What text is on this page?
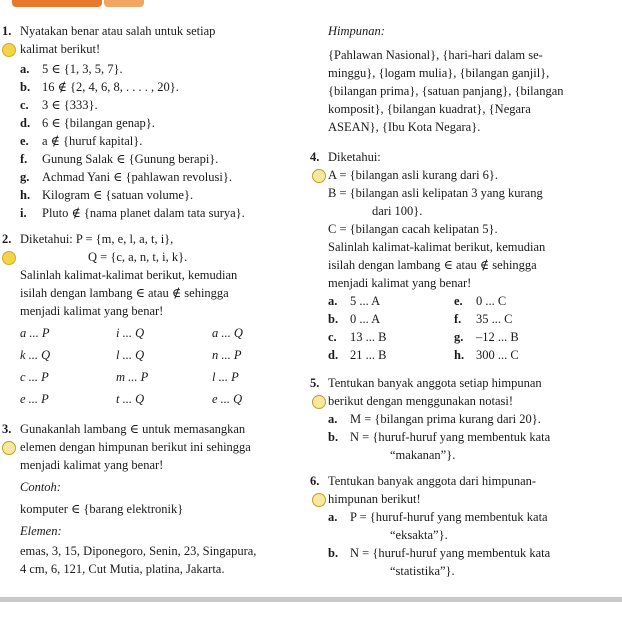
1. Nyatakan benar atau salah untuk setiap
kalimat berikut!
a. 5 ∈ {1, 3, 5, 7}.
b. 16 ∉ {2, 4, 6, 8, . . . . , 20}.
c. 3 ∈ {333}.
d. 6 ∈ {bilangan genap}.
e. a ∉ {huruf kapital}.
f. Gunung Salak ∈ {Gunung berapi}.
g. Achmad Yani ∈ {pahlawan revolusi}.
h. Kilogram ∈ {satuan volume}.
i. Pluto ∉ {nama planet dalam tata surya}.
2. Diketahui: P = {m, e, l, a, t, i},
Q = {c, a, n, t, i, k}.
Salinlah kalimat-kalimat berikut, kemudian
isilah dengan lambang ∈ atau ∉ sehingga
menjadi kalimat yang benar!
a ... P	i ... Q	a ... Q
k ... Q	l ... Q	n ... P
c ... P	m ... P	l ... P
e ... P	t ... Q	e ... Q
3. Gunakanlah lambang ∈ untuk memasangkan
elemen dengan himpunan berikut ini sehingga
menjadi kalimat yang benar!
Contoh:
komputer ∈ {barang elektronik}
Elemen:
emas, 3, 15, Diponegoro, Senin, 23, Singapura,
4 cm, 6, 121, Cut Mutia, platina, Jakarta.
Himpunan:
{Pahlawan Nasional}, {hari-hari dalam se-
minggu}, {logam mulia}, {bilangan ganjil},
{bilangan prima}, {satuan panjang}, {bilangan
komposit}, {bilangan kuadrat}, {Negara
ASEAN}, {Ibu Kota Negara}.
4. Diketahui:
A = {bilangan asli kurang dari 6}.
B = {bilangan asli kelipatan 3 yang kurang
dari 100}.
C = {bilangan cacah kelipatan 5}.
Salinlah kalimat-kalimat berikut, kemudian
isilah dengan lambang ∈ atau ∉ sehingga
menjadi kalimat yang benar!
a. 5 ... A	e. 0 ... C
b. 0 ... A	f. 35 ... C
c. 13 ... B	g. –12 ... B
d. 21 ... B	h. 300 ... C
5. Tentukan banyak anggota setiap himpunan
berikut dengan menggunakan notasi!
a. M = {bilangan prima kurang dari 20}.
b. N = {huruf-huruf yang membentuk kata
“makanan”}.
6. Tentukan banyak anggota dari himpunan-
himpunan berikut!
a. P = {huruf-huruf yang membentuk kata
“eksakta”}.
b. N = {huruf-huruf yang membentuk kata
“statistika”}.
